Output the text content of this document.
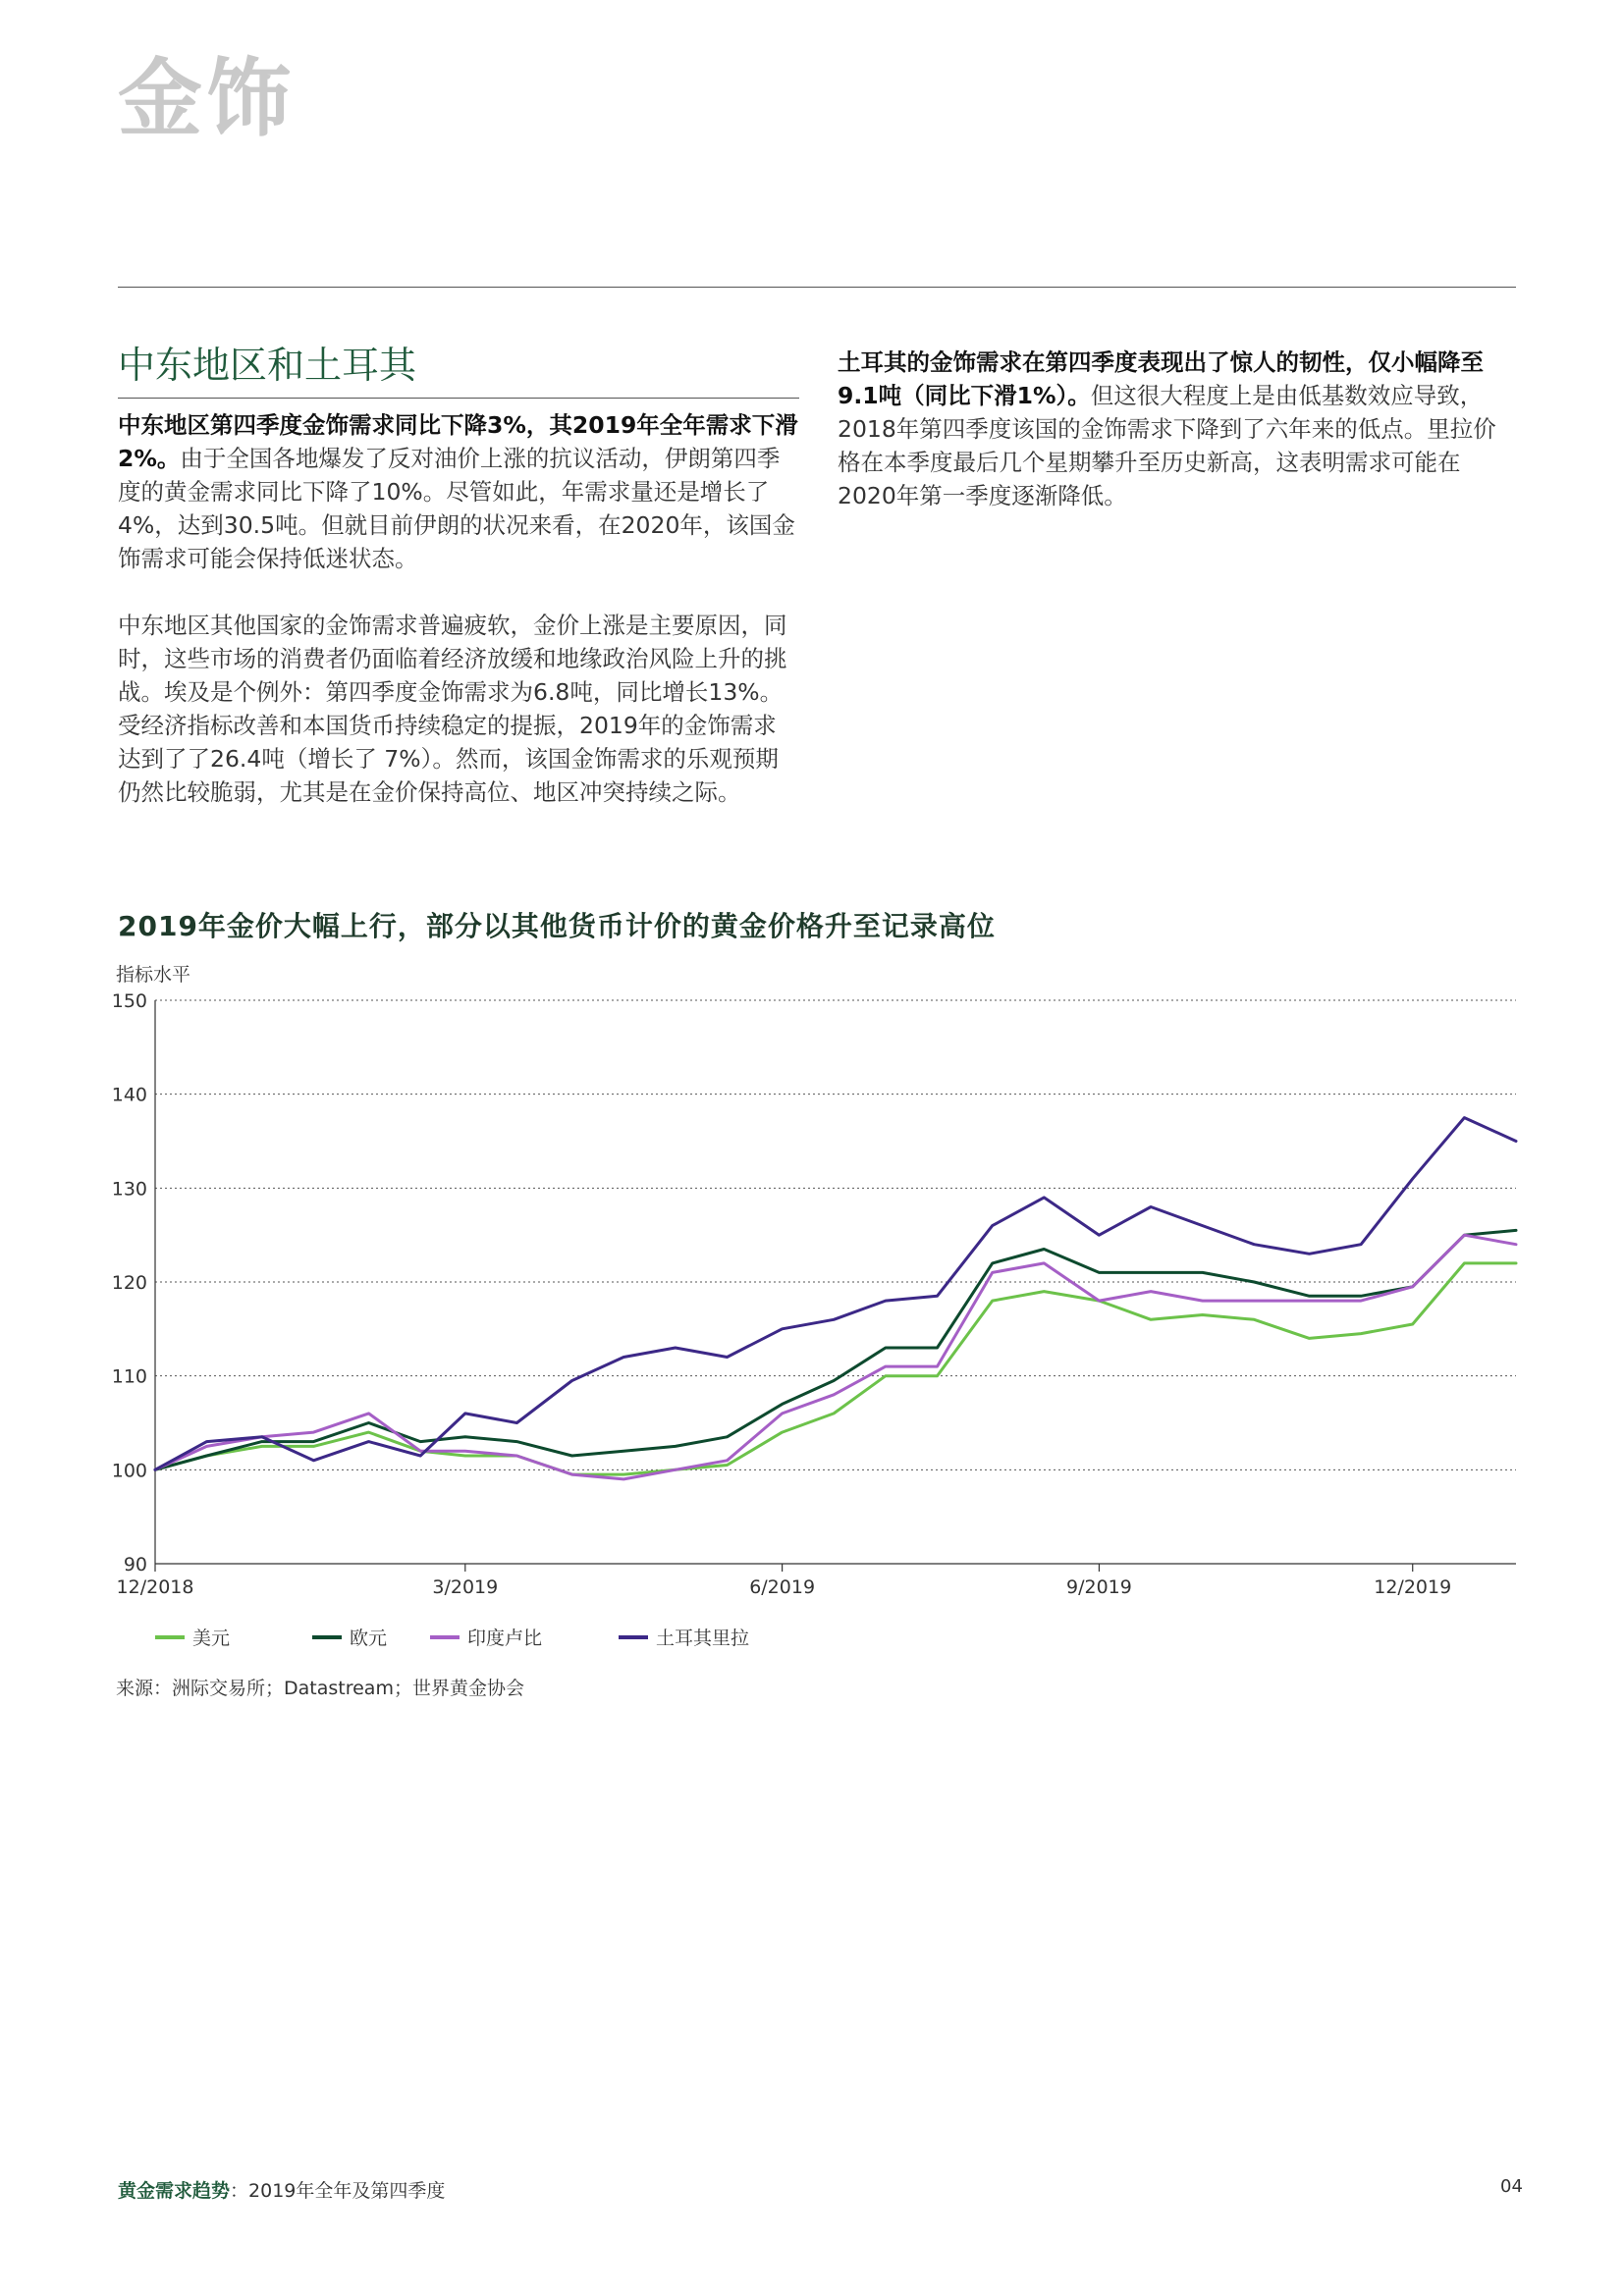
金饰
中东地区和土耳其

中东地区第四季度金饰需求同比下降3%，其2019年全年需求下滑2%。由于全国各地爆发了反对油价上涨的抗议活动，伊朗第四季度的黄金需求同比下降了10%。尽管如此，年需求量还是增长了4%，达到30.5吨。但就目前伊朗的状况来看，在2020年，该国金饰需求可能会保持低迷状态。

中东地区其他国家的金饰需求普遍疲软，金价上涨是主要原因，同时，这些市场的消费者仍面临着经济放缓和地缘政治风险上升的挑战。埃及是个例外：第四季度金饰需求为6.8吨，同比增长13%。受经济指标改善和本国货币持续稳定的提振，2019年的金饰需求达到了了26.4吨（增长了 7%）。然而，该国金饰需求的乐观预期仍然比较脆弱，尤其是在金价保持高位、地区冲突持续之际。

土耳其的金饰需求在第四季度表现出了惊人的韧性，仅小幅降至9.1吨（同比下滑1%）。但这很大程度上是由低基数效应导致，2018年第四季度该国的金饰需求下降到了六年来的低点。里拉价格在本季度最后几个星期攀升至历史新高，这表明需求可能在2020年第一季度逐渐降低。

2019年金价大幅上行，部分以其他货币计价的黄金价格升至记录高位
指标水平
90
100
110
120
130
140
150
12/2018	3/2019	6/2019	9/2019	12/2019
美元	欧元	印度卢比	土耳其里拉
来源：洲际交易所；Datastream；世界黄金协会
黄金需求趋势：2019年全年及第四季度	04
